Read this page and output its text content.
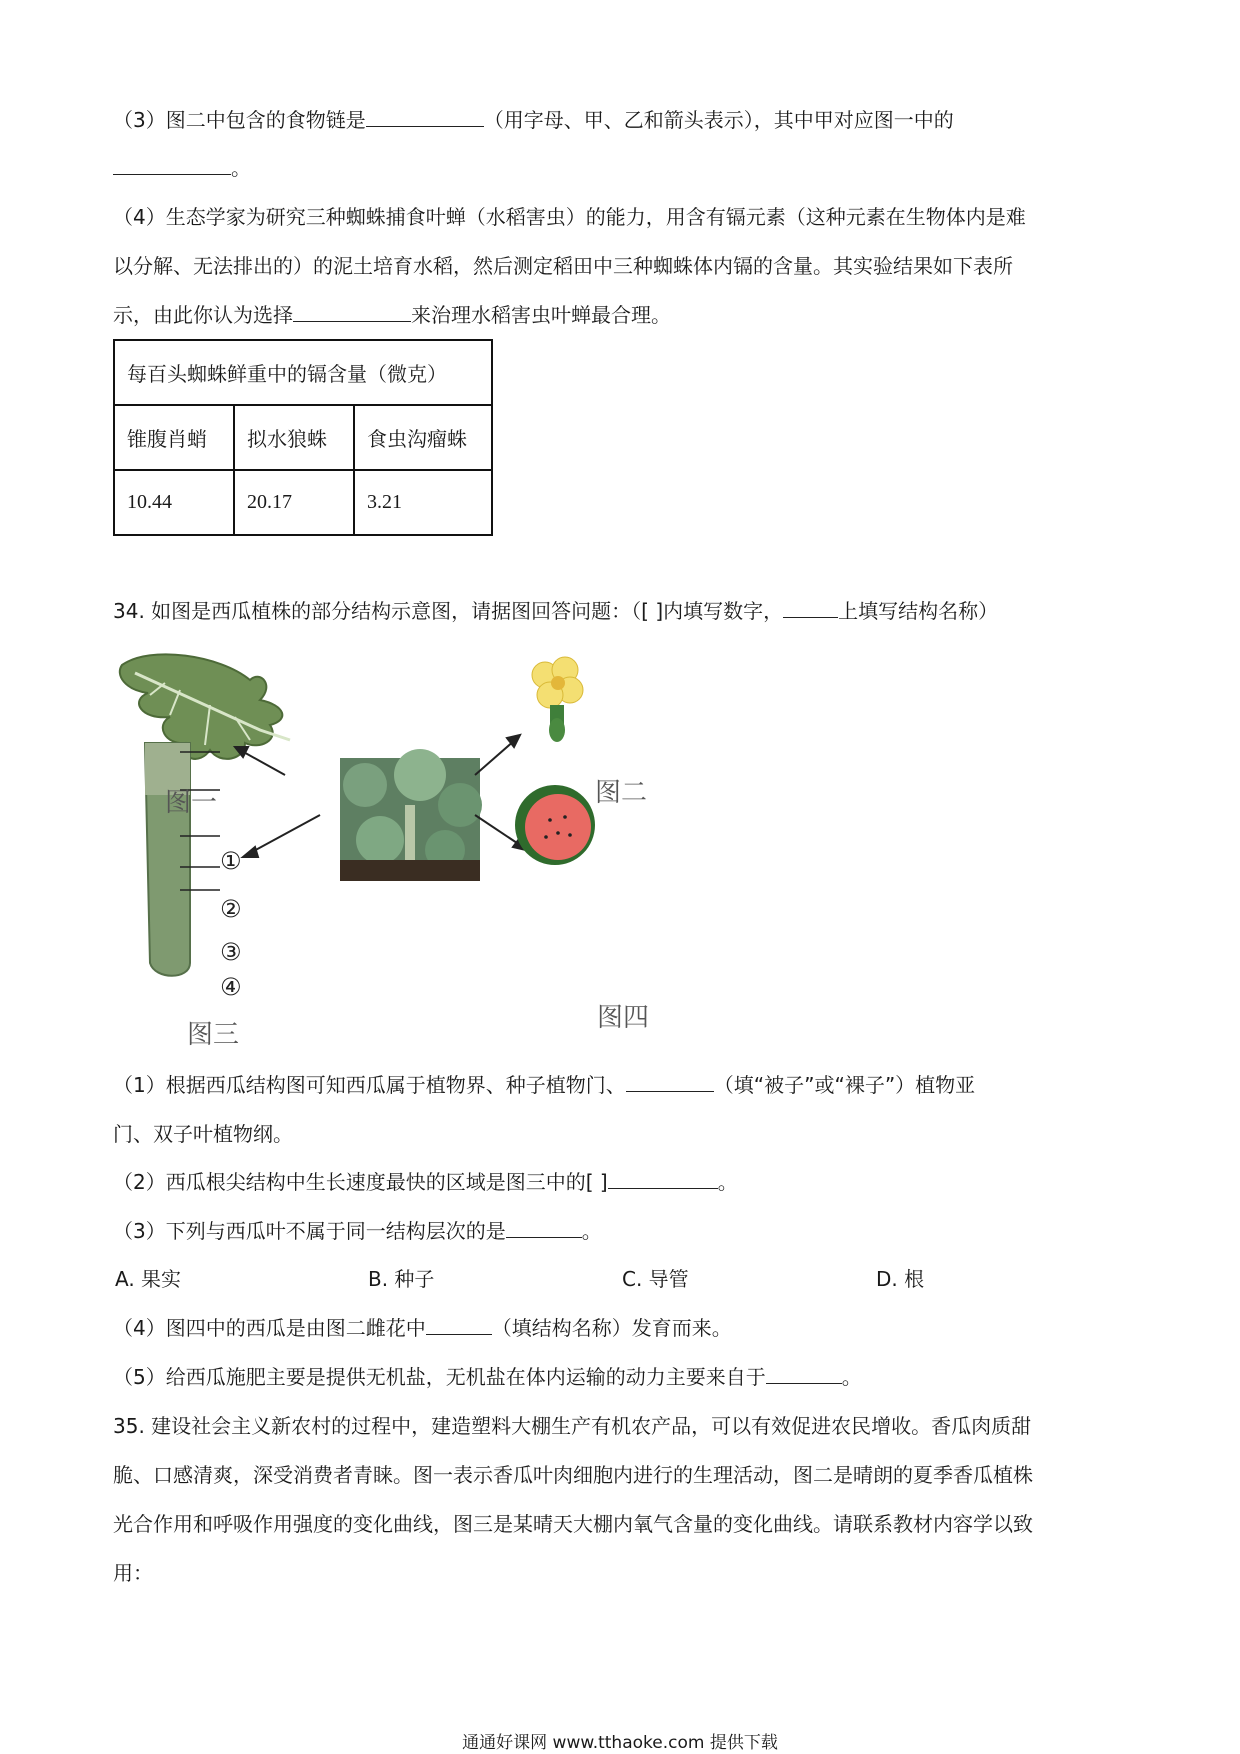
（3）图二中包含的食物链是	（用字母、甲、乙和箭头表示），其中甲对应图一中的
。
（4）生态学家为研究三种蜘蛛捕食叶蝉（水稻害虫）的能力，用含有镉元素（这种元素在生物体内是难
以分解、无法排出的）的泥土培育水稻，然后测定稻田中三种蜘蛛体内镉的含量。其实验结果如下表所
示，由此你认为选择	来治理水稻害虫叶蝉最合理。
每百头蜘蛛鲜重中的镉含量（微克）		
锥腹肖蛸	拟水狼蛛	食虫沟瘤蛛
10.44	20.17	3.21
34. 如图是西瓜植株的部分结构示意图，请据图回答问题：（[ ]内填写数字，	上填写结构名称）
图一	图二
图三
图四
①
②
③
④
（1）根据西瓜结构图可知西瓜属于植物界、种子植物门、	（填“被子”或“裸子”）植物亚
门、双子叶植物纲。
（2）西瓜根尖结构中生长速度最快的区域是图三中的[ ]	。
（3）下列与西瓜叶不属于同一结构层次的是	。
A. 果实	B. 种子	C. 导管	D. 根
（4）图四中的西瓜是由图二雌花中	（填结构名称）发育而来。
（5）给西瓜施肥主要是提供无机盐，无机盐在体内运输的动力主要来自于	。
35. 建设社会主义新农村的过程中，建造塑料大棚生产有机农产品，可以有效促进农民增收。香瓜肉质甜
脆、口感清爽，深受消费者青睐。图一表示香瓜叶肉细胞内进行的生理活动，图二是晴朗的夏季香瓜植株
光合作用和呼吸作用强度的变化曲线，图三是某晴天大棚内氧气含量的变化曲线。请联系教材内容学以致
用：
通通好课网 www.tthaoke.com 提供下载
